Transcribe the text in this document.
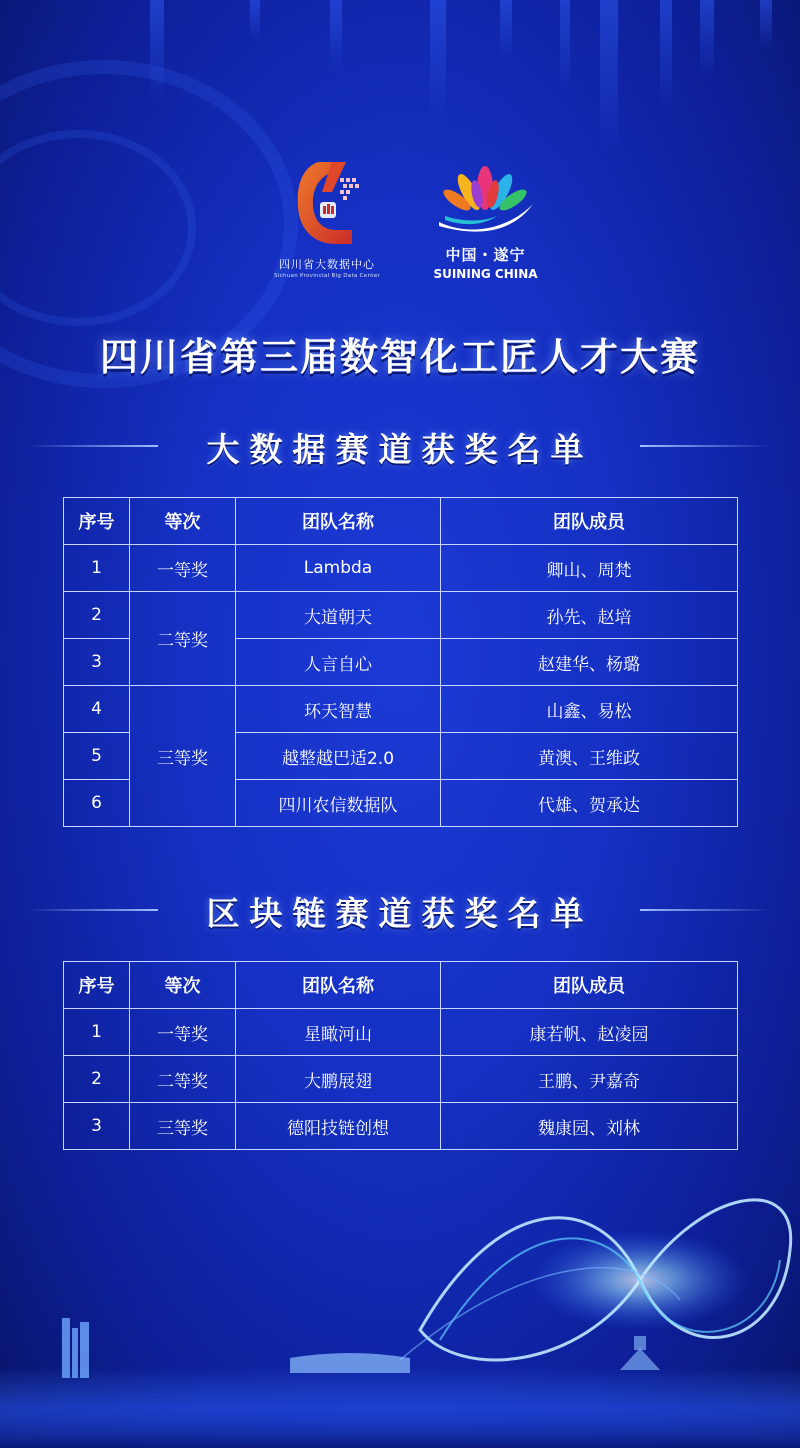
四川省大数据中心
Sichuan Provincial Big Data Center
中国・遂宁
SUINING CHINA
四川省第三届数智化工匠人才大赛
大数据赛道获奖名单
序号	等次	团队名称	团队成员
1	一等奖	Lambda	卿山、周梵
2	二等奖	大道朝天	孙先、赵培
3		人言自心	赵建华、杨璐
4	三等奖	环天智慧	山鑫、易松
5		越整越巴适2.0	黄澳、王维政
6		四川农信数据队	代雄、贺承达
区块链赛道获奖名单
序号	等次	团队名称	团队成员
1	一等奖	星瞰河山	康若帆、赵凌园
2	二等奖	大鹏展翅	王鹏、尹嘉奇
3	三等奖	德阳技链创想	魏康园、刘林
